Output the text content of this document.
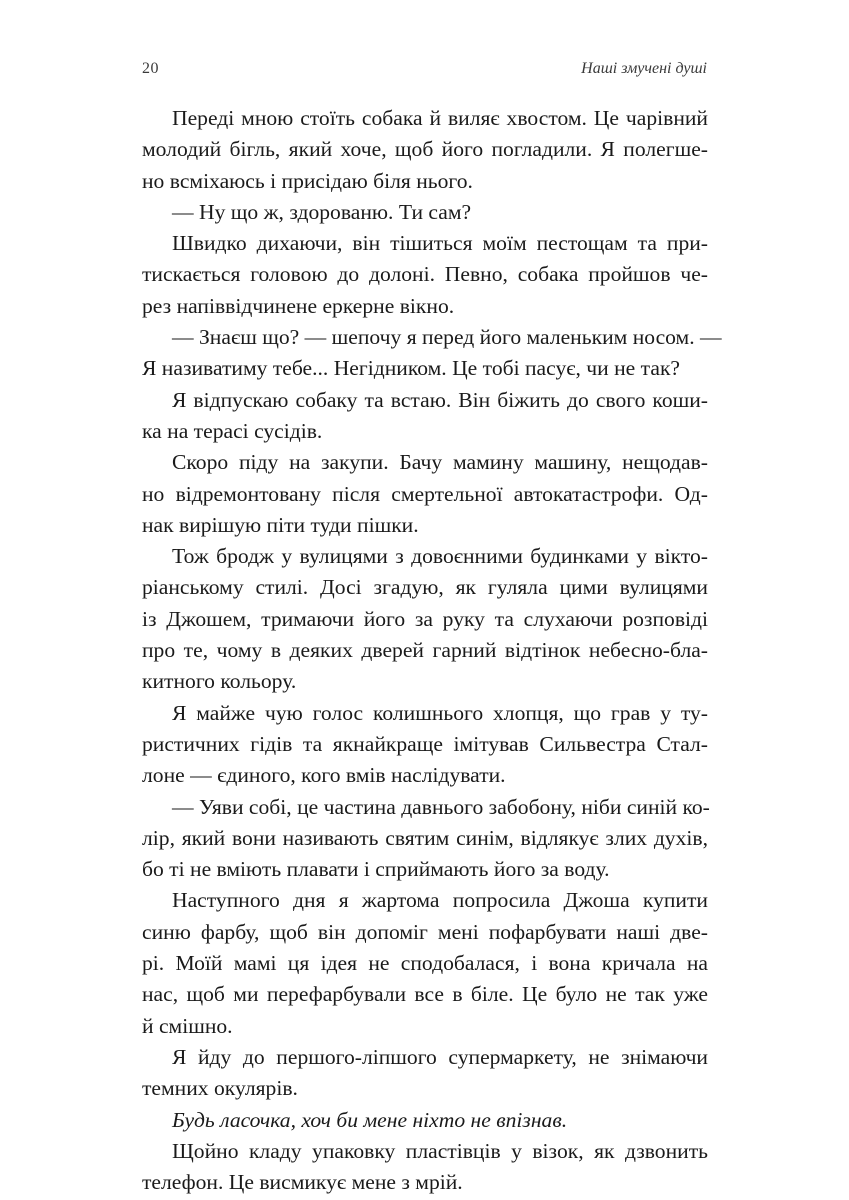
20	Наші змучені душі
Переді мною стоїть собака й виляє хвостом. Це чарівний
молодий бігль, який хоче, щоб його погладили. Я полегше-
но всміхаюсь і присідаю біля нього.
— Ну що ж, здорованю. Ти сам?
Швидко дихаючи, він тішиться моїм пестощам та при-
тискається головою до долоні. Певно, собака пройшов че-
рез напіввідчинене еркерне вікно.
— Знаєш що? — шепочу я перед його маленьким носом. —
Я називатиму тебе... Негідником. Це тобі пасує, чи не так?
Я відпускаю собаку та встаю. Він біжить до свого коши-
ка на терасі сусідів.
Скоро піду на закупи. Бачу мамину машину, нещодав-
но відремонтовану після смертельної автокатастрофи. Од-
нак вирішую піти туди пішки.
Тож бродж у вулицями з довоєнними будинками у вікто-
ріанському стилі. Досі згадую, як гуляла цими вулицями
із Джошем, тримаючи його за руку та слухаючи розповіді
про те, чому в деяких дверей гарний відтінок небесно-бла-
китного кольору.
Я майже чую голос колишнього хлопця, що грав у ту-
ристичних гідів та якнайкраще імітував Сильвестра Стал-
лоне — єдиного, кого вмів наслідувати.
— Уяви собі, це частина давнього забобону, ніби синій ко-
лір, який вони називають святим синім, відлякує злих духів,
бо ті не вміють плавати і сприймають його за воду.
Наступного дня я жартома попросила Джоша купити
синю фарбу, щоб він допоміг мені пофарбувати наші две-
рі. Моїй мамі ця ідея не сподобалася, і вона кричала на
нас, щоб ми перефарбували все в біле. Це було не так уже
й смішно.
Я йду до першого-ліпшого супермаркету, не знімаючи
темних окулярів.
Будь ласочка, хоч би мене ніхто не впізнав.
Щойно кладу упаковку пластівців у візок, як дзвонить
телефон. Це висмикує мене з мрій.
